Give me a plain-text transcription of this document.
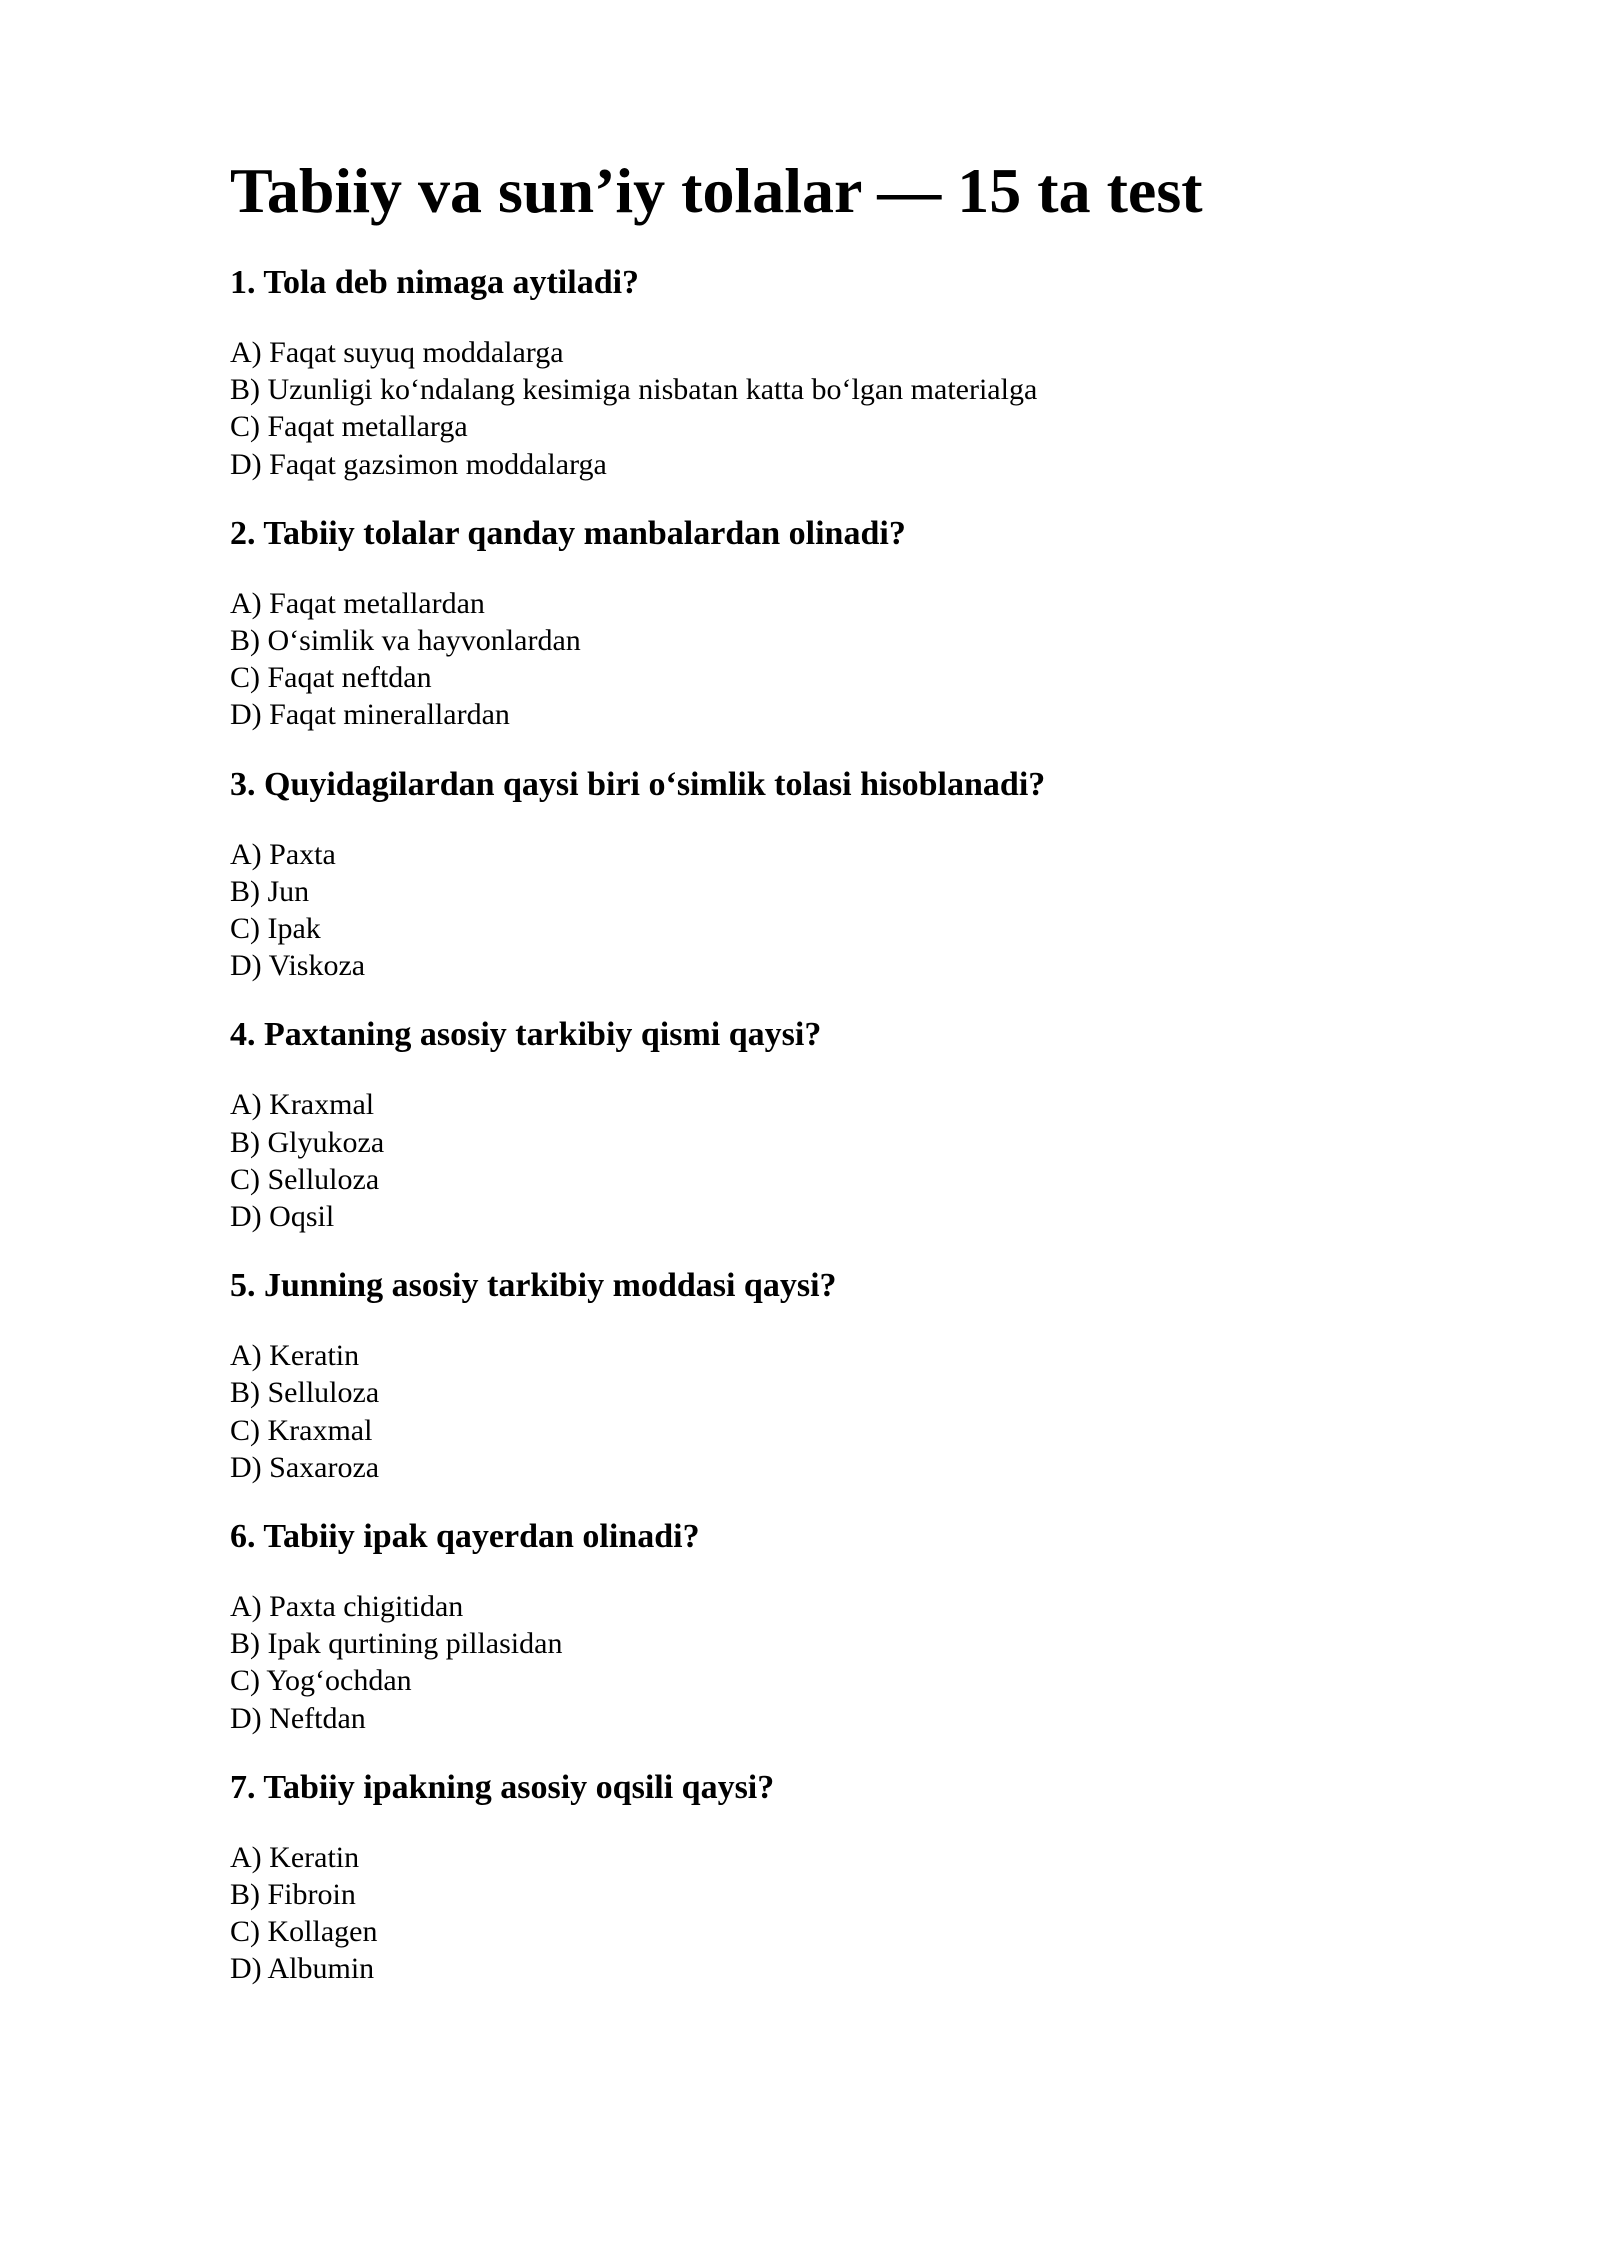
Tabiiy va sun’iy tolalar — 15 ta test

1. Tola deb nimaga aytiladi?

A) Faqat suyuq moddalarga
B) Uzunligi ko‘ndalang kesimiga nisbatan katta bo‘lgan materialga
C) Faqat metallarga
D) Faqat gazsimon moddalarga

2. Tabiiy tolalar qanday manbalardan olinadi?

A) Faqat metallardan
B) O‘simlik va hayvonlardan
C) Faqat neftdan
D) Faqat minerallardan

3. Quyidagilardan qaysi biri o‘simlik tolasi hisoblanadi?

A) Paxta
B) Jun
C) Ipak
D) Viskoza

4. Paxtaning asosiy tarkibiy qismi qaysi?

A) Kraxmal
B) Glyukoza
C) Selluloza
D) Oqsil

5. Junning asosiy tarkibiy moddasi qaysi?

A) Keratin
B) Selluloza
C) Kraxmal
D) Saxaroza

6. Tabiiy ipak qayerdan olinadi?

A) Paxta chigitidan
B) Ipak qurtining pillasidan
C) Yog‘ochdan
D) Neftdan

7. Tabiiy ipakning asosiy oqsili qaysi?

A) Keratin
B) Fibroin
C) Kollagen
D) Albumin
